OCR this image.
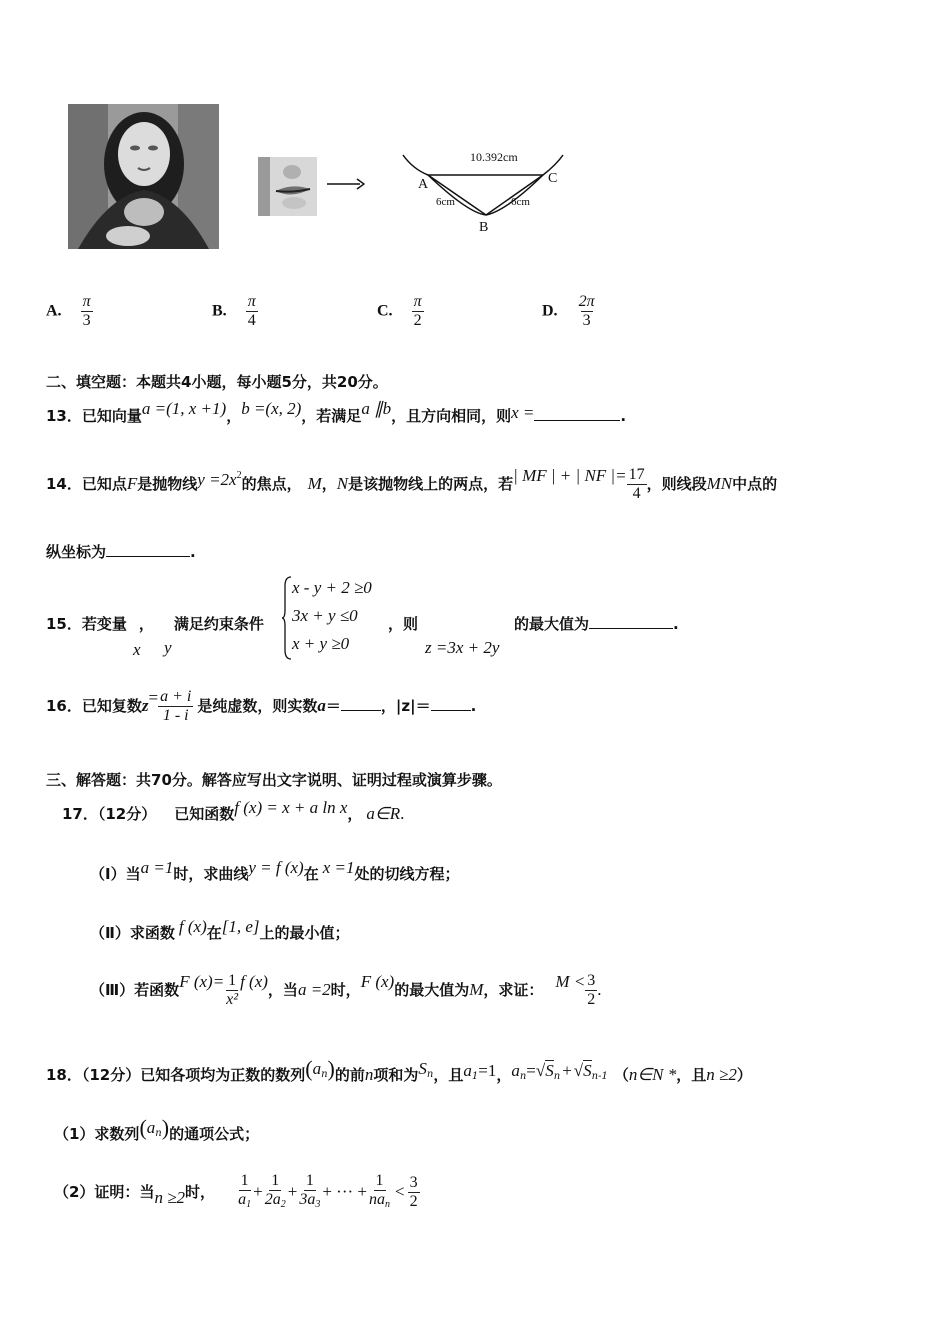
10.392cm
A	C
B
6cm	6cm
A. $\frac{\pi}{3}$	B. $\frac{\pi}{4}$	C. $\frac{\pi}{2}$	D. $\frac{2\pi}{3}$
二、填空题：本题共4小题，每小题5分，共20分。
13．已知向量a =(1, x +1)，b =(x, 2)，若满足a ∥b，且方向相同，则x =	.
14．已知点F是抛物线$y =2x^2$的焦点， M，N是该抛物线上的两点，若| MF | + | NF |= $\frac{17}{4}$ ，则线段MN中点的
纵坐标为	.
15．若变量 ， 满足约束条件
x y
x - y + 2 ≥0
3x + y ≤0
x + y ≥0
，则
z =3x + 2y
的最大值为	.
16．已知复数$z= \frac{a + i}{1 - i}$ 是纯虚数，则实数a＝	，|z|＝	.
三、解答题：共70分。解答应写出文字说明、证明过程或演算步骤。
17．（12分） 已知函数f (x) = x + a ln x， a∈R.
（Ⅰ）当a =1时，求曲线y = f (x)在 x =1处的切线方程；
（Ⅱ）求函数 f (x)在[1, e]上的最小值；
（Ⅲ）若函数F $(x)= \frac{1}{\text{x²}}$ f (x)，当a =2时，F (x)的最大值为M，求证： $M < \frac{3}{2}$ .
18．（12分）已知各项均为正数的数列$(a_n)$的前n项和为$S_n$，且$a_1=1$，$a_n=√S_n + √S_{n-1}$ （n∈N *，且n ≥2）
（1）求数列$(a_n)$的通项公式；
（2）证明：当n ≥2时， $\frac{1}{a_1} + \frac{1}{2a_2} + \frac{1}{3a_3}$ + ··· + $\frac{1}{na_n} < \frac{3}{2}$
